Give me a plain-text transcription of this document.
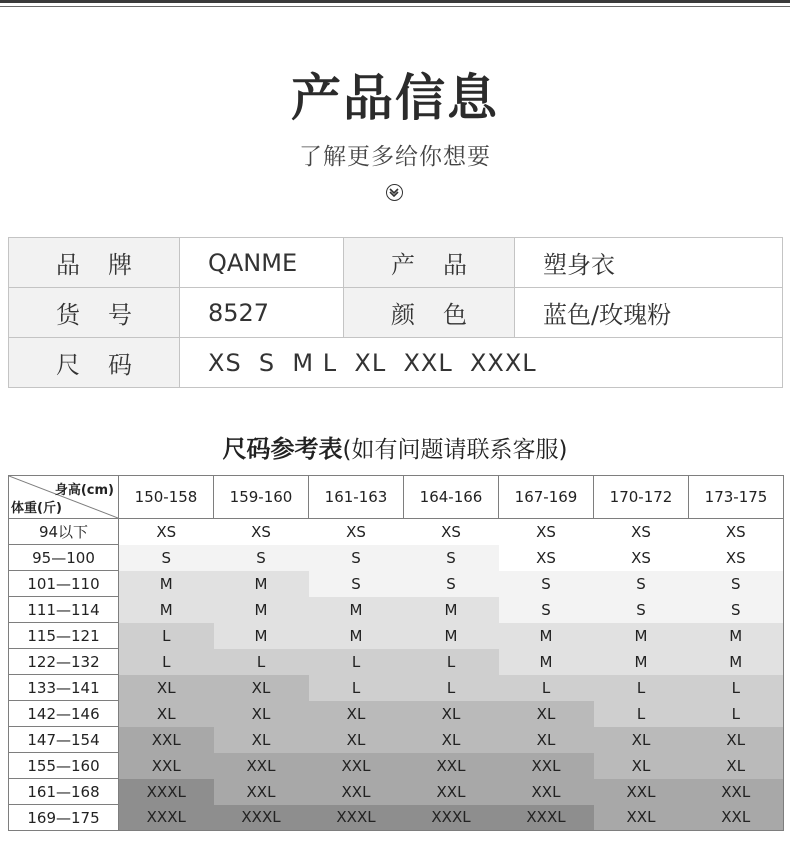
产品信息
了解更多给你想要
品牌	QANME	产品	塑身衣
货号	8527	颜色	蓝色/玫瑰粉
尺码	XS  S  M L  XL  XXL  XXXL		
尺码参考表(如有问题请联系客服)
身高(cm)
体重(斤)	150-158	159-160	161-163	164-166	167-169	170-172	173-175
94以下	XS	XS	XS	XS	XS	XS	XS
95—100	S	S	S	S	XS	XS	XS
101—110	M	M	S	S	S	S	S
111—114	M	M	M	M	S	S	S
115—121	L	M	M	M	M	M	M
122—132	L	L	L	L	M	M	M
133—141	XL	XL	L	L	L	L	L
142—146	XL	XL	XL	XL	XL	L	L
147—154	XXL	XL	XL	XL	XL	XL	XL
155—160	XXL	XXL	XXL	XXL	XXL	XL	XL
161—168	XXXL	XXL	XXL	XXL	XXL	XXL	XXL
169—175	XXXL	XXXL	XXXL	XXXL	XXXL	XXL	XXL
